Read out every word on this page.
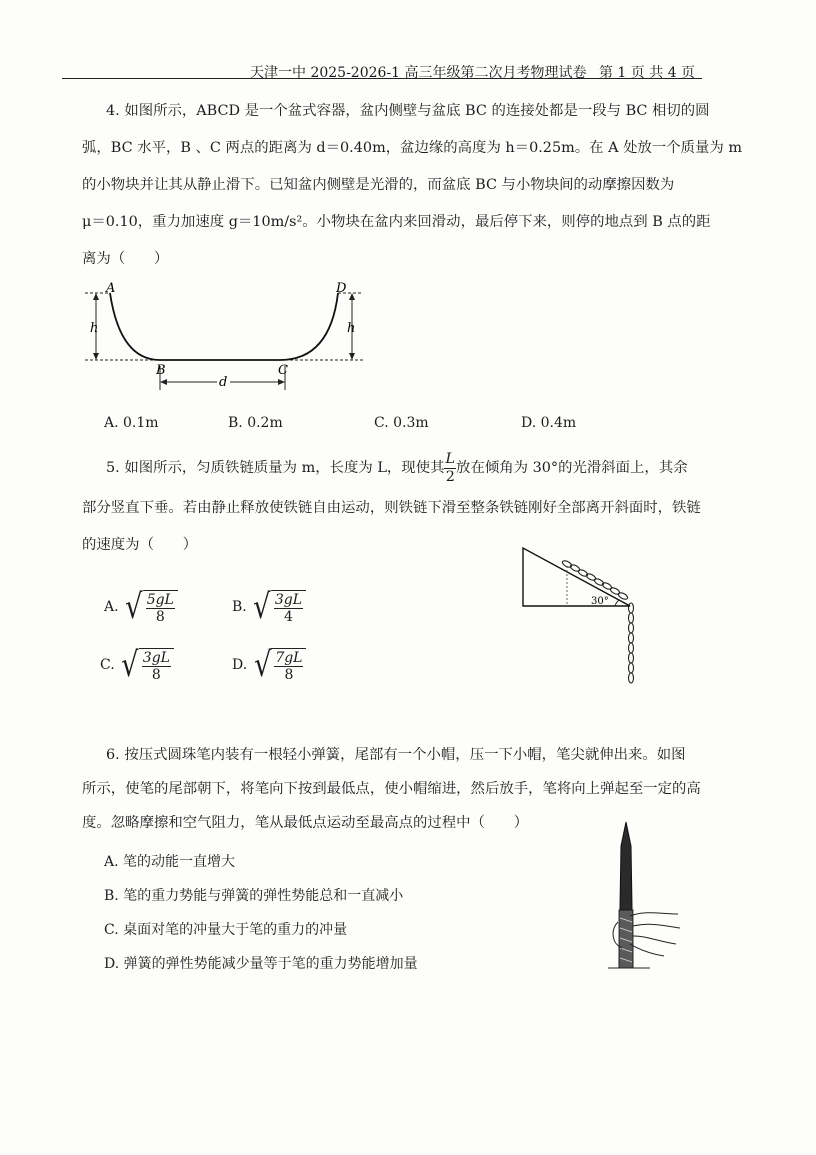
天津一中 2025-2026-1 高三年级第二次月考物理试卷 第 1 页 共 4 页
4. 如图所示，ABCD 是一个盆式容器，盆内侧壁与盆底 BC 的连接处都是一段与 BC 相切的圆
弧，BC 水平，B 、C 两点的距离为 d＝0.40m，盆边缘的高度为 h＝0.25m。在 A 处放一个质量为 m
的小物块并让其从静止滑下。已知盆内侧壁是光滑的，而盆底 BC 与小物块间的动摩擦因数为
μ＝0.10，重力加速度 g＝10m/s²。小物块在盆内来回滑动，最后停下来，则停的地点到 B 点的距
离为（　　）
A	D
h	h
B	C
d
A. 0.1m	B. 0.2m	C. 0.3m	D. 0.4m
5. 如图所示，匀质铁链质量为 m，长度为 L，现使其 $\frac{L}{2}$ 放在倾角为 30°的光滑斜面上，其余
部分竖直下垂。若由静止释放使铁链自由运动，则铁链下滑至整条铁链刚好全部离开斜面时，铁链
的速度为（　　）
30°
A. √ $\frac{5gL}{8}$	B. √ $\frac{3gL}{4}$
C. √ $\frac{3gL}{8}$	D. √ $\frac{7gL}{8}$
6. 按压式圆珠笔内装有一根轻小弹簧，尾部有一个小帽，压一下小帽，笔尖就伸出来。如图
所示，使笔的尾部朝下，将笔向下按到最低点，使小帽缩进，然后放手，笔将向上弹起至一定的高
度。忽略摩擦和空气阻力，笔从最低点运动至最高点的过程中（　　）
A. 笔的动能一直增大
B. 笔的重力势能与弹簧的弹性势能总和一直减小
C. 桌面对笔的冲量大于笔的重力的冲量
D. 弹簧的弹性势能减少量等于笔的重力势能增加量
